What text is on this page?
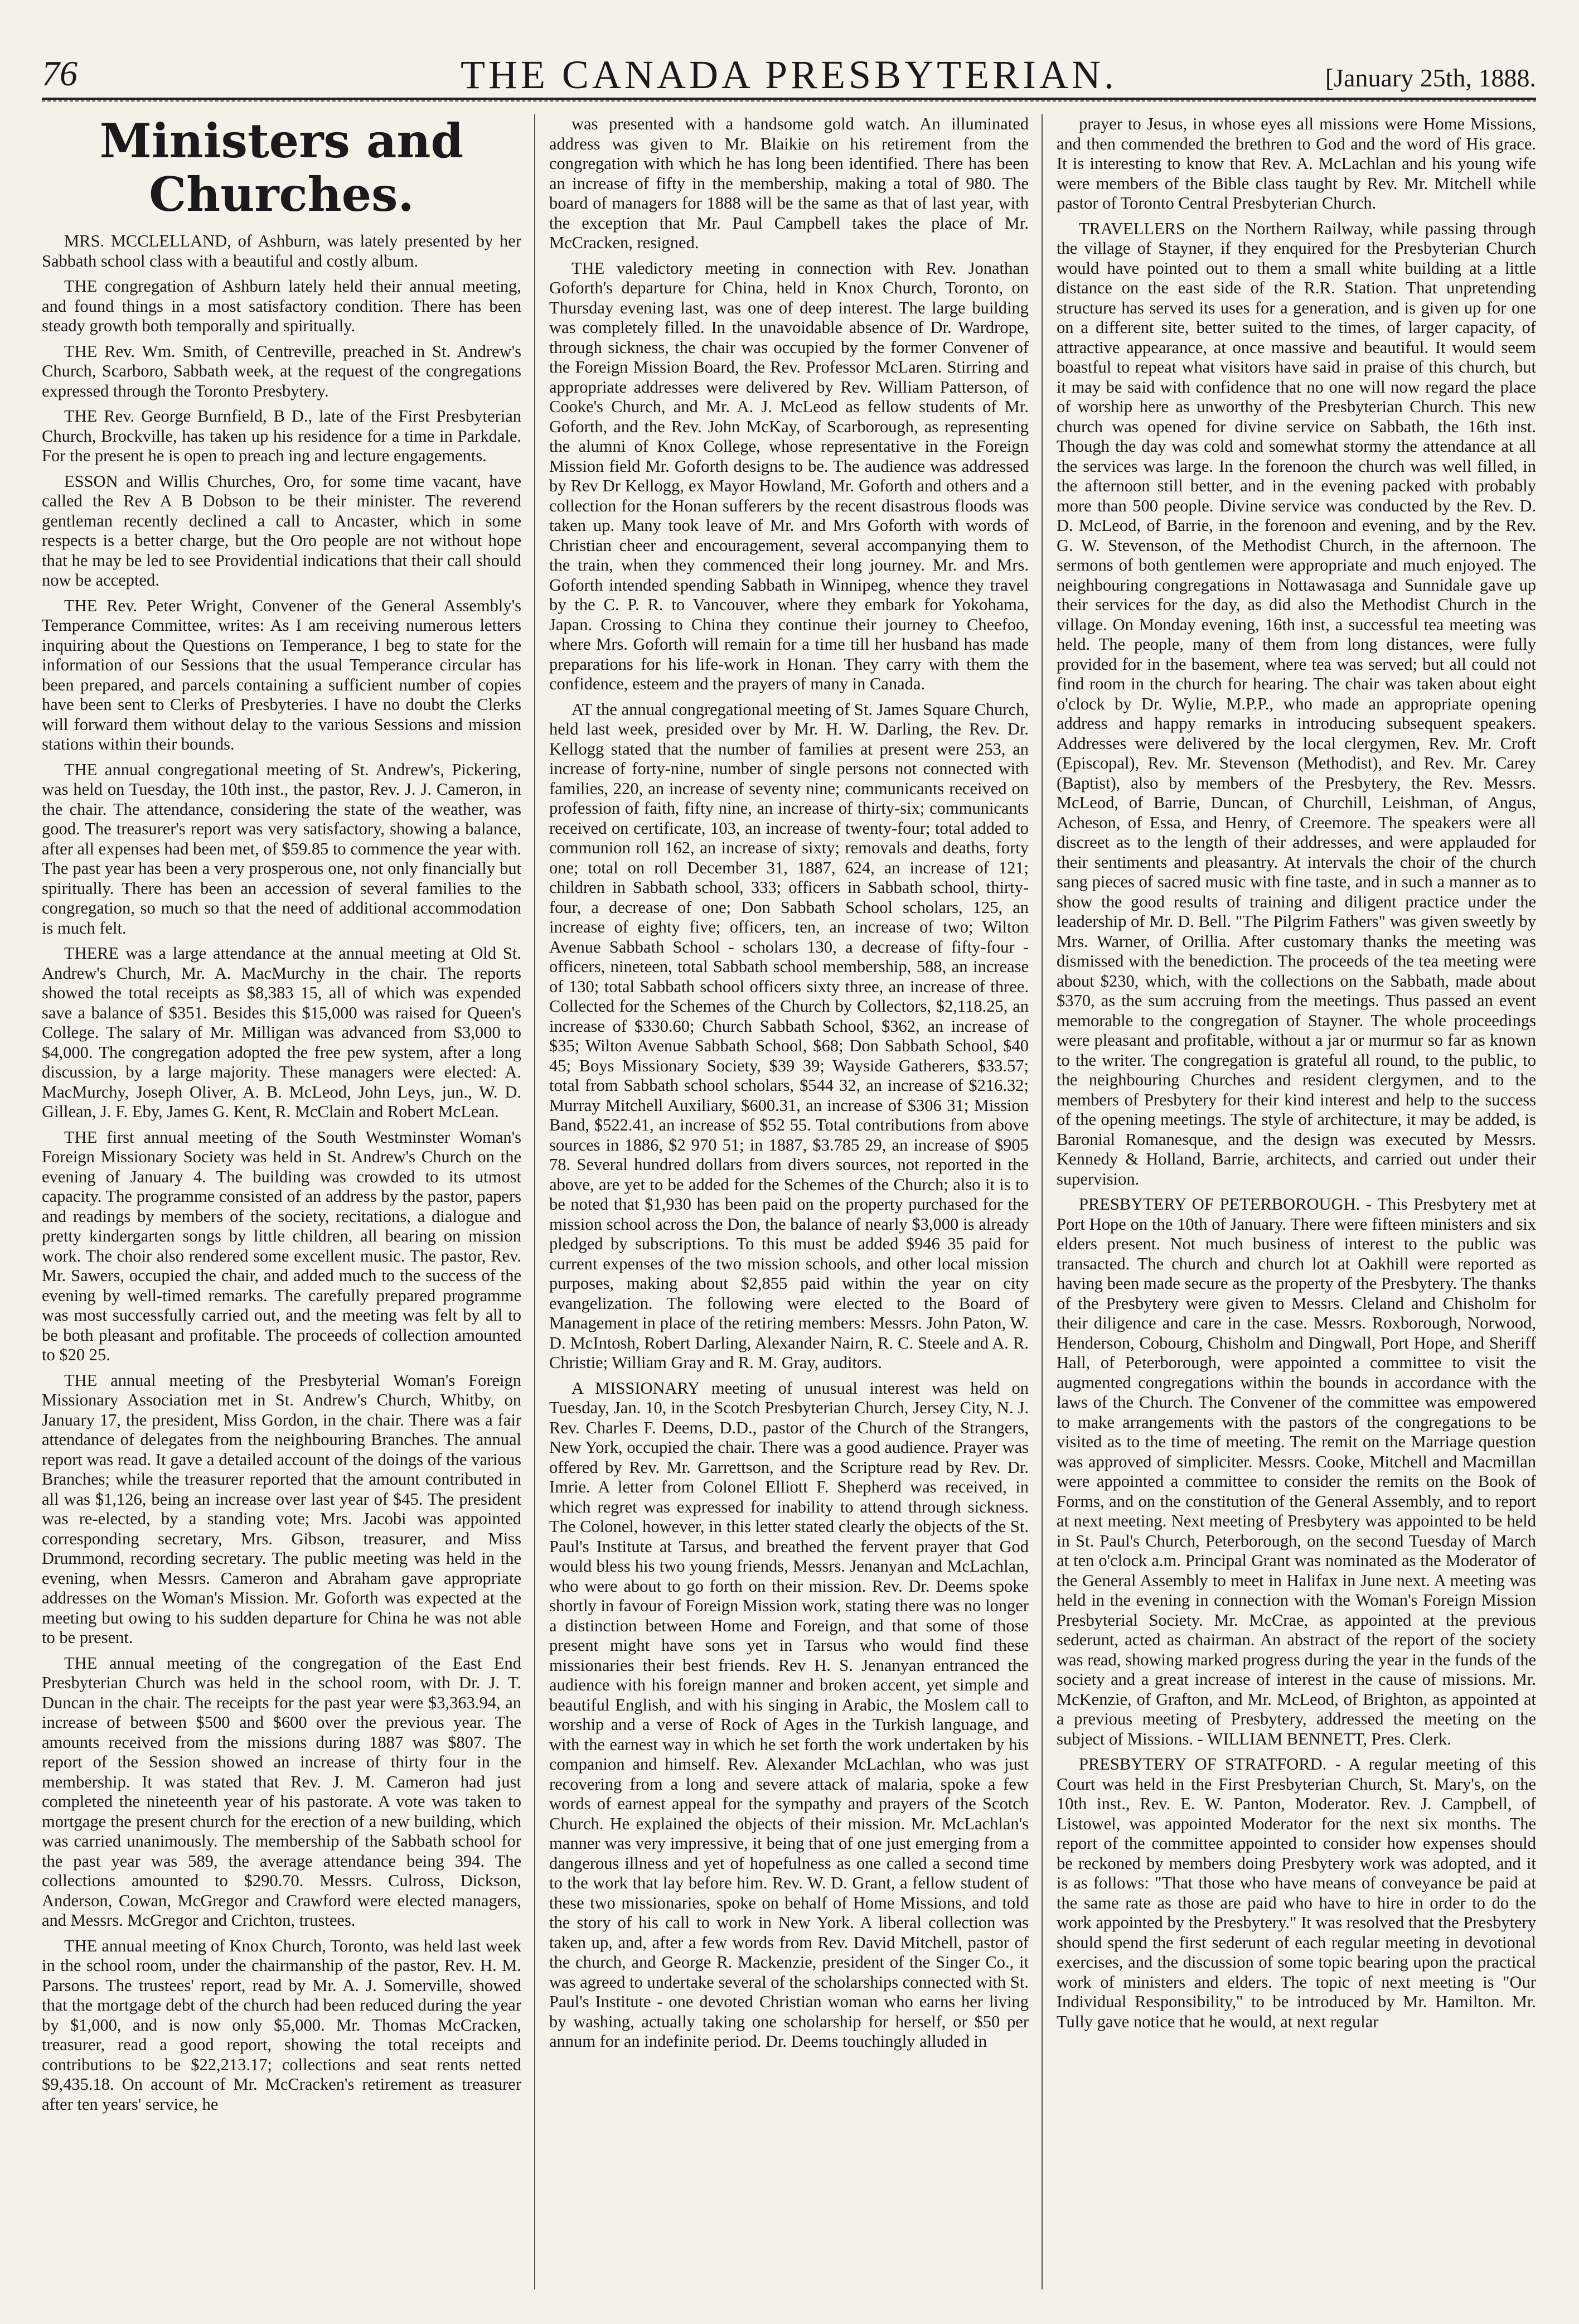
76	THE CANADA PRESBYTERIAN.	[January 25th, 1888.
Ministers and Churches.

MRS. MCCLELLAND, of Ashburn, was lately presented by her Sabbath school class with a beautiful and costly album.

THE congregation of Ashburn lately held their annual meeting, and found things in a most satisfactory condition. There has been steady growth both temporally and spiritually.

THE Rev. Wm. Smith, of Centreville, preached in St. Andrew's Church, Scarboro, Sabbath week, at the request of the congregations expressed through the Toronto Presbytery.

THE Rev. George Burnfield, B D., late of the First Presbyterian Church, Brockville, has taken up his residence for a time in Parkdale. For the present he is open to preach ing and lecture engagements.

ESSON and Willis Churches, Oro, for some time vacant, have called the Rev A B Dobson to be their minister. The reverend gentleman recently declined a call to Ancaster, which in some respects is a better charge, but the Oro people are not without hope that he may be led to see Providential indications that their call should now be accepted.

THE Rev. Peter Wright, Convener of the General Assembly's Temperance Committee, writes: As I am receiving numerous letters inquiring about the Questions on Temperance, I beg to state for the information of our Sessions that the usual Temperance circular has been prepared, and parcels containing a sufficient number of copies have been sent to Clerks of Presbyteries. I have no doubt the Clerks will forward them without delay to the various Sessions and mission stations within their bounds.

THE annual congregational meeting of St. Andrew's, Pickering, was held on Tuesday, the 10th inst., the pastor, Rev. J. J. Cameron, in the chair. The attendance, considering the state of the weather, was good. The treasurer's report was very satisfactory, showing a balance, after all expenses had been met, of $59.85 to commence the year with. The past year has been a very prosperous one, not only financially but spiritually. There has been an accession of several families to the congregation, so much so that the need of additional accommodation is much felt.

THERE was a large attendance at the annual meeting at Old St. Andrew's Church, Mr. A. MacMurchy in the chair. The reports showed the total receipts as $8,383 15, all of which was expended save a balance of $351. Besides this $15,000 was raised for Queen's College. The salary of Mr. Milligan was advanced from $3,000 to $4,000. The congregation adopted the free pew system, after a long discussion, by a large majority. These managers were elected: A. MacMurchy, Joseph Oliver, A. B. McLeod, John Leys, jun., W. D. Gillean, J. F. Eby, James G. Kent, R. McClain and Robert McLean.

THE first annual meeting of the South Westminster Woman's Foreign Missionary Society was held in St. Andrew's Church on the evening of January 4. The building was crowded to its utmost capacity. The programme consisted of an address by the pastor, papers and readings by members of the society, recitations, a dialogue and pretty kindergarten songs by little children, all bearing on mission work. The choir also rendered some excellent music. The pastor, Rev. Mr. Sawers, occupied the chair, and added much to the success of the evening by well-timed remarks. The carefully prepared programme was most successfully carried out, and the meeting was felt by all to be both pleasant and profitable. The proceeds of collection amounted to $20 25.

THE annual meeting of the Presbyterial Woman's Foreign Missionary Association met in St. Andrew's Church, Whitby, on January 17, the president, Miss Gordon, in the chair. There was a fair attendance of delegates from the neighbouring Branches. The annual report was read. It gave a detailed account of the doings of the various Branches; while the treasurer reported that the amount contributed in all was $1,126, being an increase over last year of $45. The president was re-elected, by a standing vote; Mrs. Jacobi was appointed corresponding secretary, Mrs. Gibson, treasurer, and Miss Drummond, recording secretary. The public meeting was held in the evening, when Messrs. Cameron and Abraham gave appropriate addresses on the Woman's Mission. Mr. Goforth was expected at the meeting but owing to his sudden departure for China he was not able to be present.

THE annual meeting of the congregation of the East End Presbyterian Church was held in the school room, with Dr. J. T. Duncan in the chair. The receipts for the past year were $3,363.94, an increase of between $500 and $600 over the previous year. The amounts received from the missions during 1887 was $807. The report of the Session showed an increase of thirty four in the membership. It was stated that Rev. J. M. Cameron had just completed the nineteenth year of his pastorate. A vote was taken to mortgage the present church for the erection of a new building, which was carried unanimously. The membership of the Sabbath school for the past year was 589, the average attendance being 394. The collections amounted to $290.70. Messrs. Culross, Dickson, Anderson, Cowan, McGregor and Crawford were elected managers, and Messrs. McGregor and Crichton, trustees.

THE annual meeting of Knox Church, Toronto, was held last week in the school room, under the chairmanship of the pastor, Rev. H. M. Parsons. The trustees' report, read by Mr. A. J. Somerville, showed that the mortgage debt of the church had been reduced during the year by $1,000, and is now only $5,000. Mr. Thomas McCracken, treasurer, read a good report, showing the total receipts and contributions to be $22,213.17; collections and seat rents netted $9,435.18. On account of Mr. McCracken's retirement as treasurer after ten years' service, he

was presented with a handsome gold watch. An illuminated address was given to Mr. Blaikie on his retirement from the congregation with which he has long been identified. There has been an increase of fifty in the membership, making a total of 980. The board of managers for 1888 will be the same as that of last year, with the exception that Mr. Paul Campbell takes the place of Mr. McCracken, resigned.

THE valedictory meeting in connection with Rev. Jonathan Goforth's departure for China, held in Knox Church, Toronto, on Thursday evening last, was one of deep interest. The large building was completely filled. In the unavoidable absence of Dr. Wardrope, through sickness, the chair was occupied by the former Convener of the Foreign Mission Board, the Rev. Professor McLaren. Stirring and appropriate addresses were delivered by Rev. William Patterson, of Cooke's Church, and Mr. A. J. McLeod as fellow students of Mr. Goforth, and the Rev. John McKay, of Scarborough, as representing the alumni of Knox College, whose representative in the Foreign Mission field Mr. Goforth designs to be. The audience was addressed by Rev Dr Kellogg, ex Mayor Howland, Mr. Goforth and others and a collection for the Honan sufferers by the recent disastrous floods was taken up. Many took leave of Mr. and Mrs Goforth with words of Christian cheer and encouragement, several accompanying them to the train, when they commenced their long journey. Mr. and Mrs. Goforth intended spending Sabbath in Winnipeg, whence they travel by the C. P. R. to Vancouver, where they embark for Yokohama, Japan. Crossing to China they continue their journey to Cheefoo, where Mrs. Goforth will remain for a time till her husband has made preparations for his life-work in Honan. They carry with them the confidence, esteem and the prayers of many in Canada.

AT the annual congregational meeting of St. James Square Church, held last week, presided over by Mr. H. W. Darling, the Rev. Dr. Kellogg stated that the number of families at present were 253, an increase of forty-nine, number of single persons not connected with families, 220, an increase of seventy nine; communicants received on profession of faith, fifty nine, an increase of thirty-six; communicants received on certificate, 103, an increase of twenty-four; total added to communion roll 162, an increase of sixty; removals and deaths, forty one; total on roll December 31, 1887, 624, an increase of 121; children in Sabbath school, 333; officers in Sabbath school, thirty-four, a decrease of one; Don Sabbath School scholars, 125, an increase of eighty five; officers, ten, an increase of two; Wilton Avenue Sabbath School - scholars 130, a decrease of fifty-four - officers, nineteen, total Sabbath school membership, 588, an increase of 130; total Sabbath school officers sixty three, an increase of three. Collected for the Schemes of the Church by Collectors, $2,118.25, an increase of $330.60; Church Sabbath School, $362, an increase of $35; Wilton Avenue Sabbath School, $68; Don Sabbath School, $40 45; Boys Missionary Society, $39 39; Wayside Gatherers, $33.57; total from Sabbath school scholars, $544 32, an increase of $216.32; Murray Mitchell Auxiliary, $600.31, an increase of $306 31; Mission Band, $522.41, an increase of $52 55. Total contributions from above sources in 1886, $2 970 51; in 1887, $3.785 29, an increase of $905 78. Several hundred dollars from divers sources, not reported in the above, are yet to be added for the Schemes of the Church; also it is to be noted that $1,930 has been paid on the property purchased for the mission school across the Don, the balance of nearly $3,000 is already pledged by subscriptions. To this must be added $946 35 paid for current expenses of the two mission schools, and other local mission purposes, making about $2,855 paid within the year on city evangelization. The following were elected to the Board of Management in place of the retiring members: Messrs. John Paton, W. D. McIntosh, Robert Darling, Alexander Nairn, R. C. Steele and A. R. Christie; William Gray and R. M. Gray, auditors.

A MISSIONARY meeting of unusual interest was held on Tuesday, Jan. 10, in the Scotch Presbyterian Church, Jersey City, N. J. Rev. Charles F. Deems, D.D., pastor of the Church of the Strangers, New York, occupied the chair. There was a good audience. Prayer was offered by Rev. Mr. Garrettson, and the Scripture read by Rev. Dr. Imrie. A letter from Colonel Elliott F. Shepherd was received, in which regret was expressed for inability to attend through sickness. The Colonel, however, in this letter stated clearly the objects of the St. Paul's Institute at Tarsus, and breathed the fervent prayer that God would bless his two young friends, Messrs. Jenanyan and McLachlan, who were about to go forth on their mission. Rev. Dr. Deems spoke shortly in favour of Foreign Mission work, stating there was no longer a distinction between Home and Foreign, and that some of those present might have sons yet in Tarsus who would find these missionaries their best friends. Rev H. S. Jenanyan entranced the audience with his foreign manner and broken accent, yet simple and beautiful English, and with his singing in Arabic, the Moslem call to worship and a verse of Rock of Ages in the Turkish language, and with the earnest way in which he set forth the work undertaken by his companion and himself. Rev. Alexander McLachlan, who was just recovering from a long and severe attack of malaria, spoke a few words of earnest appeal for the sympathy and prayers of the Scotch Church. He explained the objects of their mission. Mr. McLachlan's manner was very impressive, it being that of one just emerging from a dangerous illness and yet of hopefulness as one called a second time to the work that lay before him. Rev. W. D. Grant, a fellow student of these two missionaries, spoke on behalf of Home Missions, and told the story of his call to work in New York. A liberal collection was taken up, and, after a few words from Rev. David Mitchell, pastor of the church, and George R. Mackenzie, president of the Singer Co., it was agreed to undertake several of the scholarships connected with St. Paul's Institute - one devoted Christian woman who earns her living by washing, actually taking one scholarship for herself, or $50 per annum for an indefinite period. Dr. Deems touchingly alluded in

prayer to Jesus, in whose eyes all missions were Home Missions, and then commended the brethren to God and the word of His grace. It is interesting to know that Rev. A. McLachlan and his young wife were members of the Bible class taught by Rev. Mr. Mitchell while pastor of Toronto Central Presbyterian Church.

TRAVELLERS on the Northern Railway, while passing through the village of Stayner, if they enquired for the Presbyterian Church would have pointed out to them a small white building at a little distance on the east side of the R.R. Station. That unpretending structure has served its uses for a generation, and is given up for one on a different site, better suited to the times, of larger capacity, of attractive appearance, at once massive and beautiful. It would seem boastful to repeat what visitors have said in praise of this church, but it may be said with confidence that no one will now regard the place of worship here as unworthy of the Presbyterian Church. This new church was opened for divine service on Sabbath, the 16th inst. Though the day was cold and somewhat stormy the attendance at all the services was large. In the forenoon the church was well filled, in the afternoon still better, and in the evening packed with probably more than 500 people. Divine service was conducted by the Rev. D. D. McLeod, of Barrie, in the forenoon and evening, and by the Rev. G. W. Stevenson, of the Methodist Church, in the afternoon. The sermons of both gentlemen were appropriate and much enjoyed. The neighbouring congregations in Nottawasaga and Sunnidale gave up their services for the day, as did also the Methodist Church in the village. On Monday evening, 16th inst, a successful tea meeting was held. The people, many of them from long distances, were fully provided for in the basement, where tea was served; but all could not find room in the church for hearing. The chair was taken about eight o'clock by Dr. Wylie, M.P.P., who made an appropriate opening address and happy remarks in introducing subsequent speakers. Addresses were delivered by the local clergymen, Rev. Mr. Croft (Episcopal), Rev. Mr. Stevenson (Methodist), and Rev. Mr. Carey (Baptist), also by members of the Presbytery, the Rev. Messrs. McLeod, of Barrie, Duncan, of Churchill, Leishman, of Angus, Acheson, of Essa, and Henry, of Creemore. The speakers were all discreet as to the length of their addresses, and were applauded for their sentiments and pleasantry. At intervals the choir of the church sang pieces of sacred music with fine taste, and in such a manner as to show the good results of training and diligent practice under the leadership of Mr. D. Bell. "The Pilgrim Fathers" was given sweetly by Mrs. Warner, of Orillia. After customary thanks the meeting was dismissed with the benediction. The proceeds of the tea meeting were about $230, which, with the collections on the Sabbath, made about $370, as the sum accruing from the meetings. Thus passed an event memorable to the congregation of Stayner. The whole proceedings were pleasant and profitable, without a jar or murmur so far as known to the writer. The congregation is grateful all round, to the public, to the neighbouring Churches and resident clergymen, and to the members of Presbytery for their kind interest and help to the success of the opening meetings. The style of architecture, it may be added, is Baronial Romanesque, and the design was executed by Messrs. Kennedy & Holland, Barrie, architects, and carried out under their supervision.

PRESBYTERY OF PETERBOROUGH. - This Presbytery met at Port Hope on the 10th of January. There were fifteen ministers and six elders present. Not much business of interest to the public was transacted. The church and church lot at Oakhill were reported as having been made secure as the property of the Presbytery. The thanks of the Presbytery were given to Messrs. Cleland and Chisholm for their diligence and care in the case. Messrs. Roxborough, Norwood, Henderson, Cobourg, Chisholm and Dingwall, Port Hope, and Sheriff Hall, of Peterborough, were appointed a committee to visit the augmented congregations within the bounds in accordance with the laws of the Church. The Convener of the committee was empowered to make arrangements with the pastors of the congregations to be visited as to the time of meeting. The remit on the Marriage question was approved of simpliciter. Messrs. Cooke, Mitchell and Macmillan were appointed a committee to consider the remits on the Book of Forms, and on the constitution of the General Assembly, and to report at next meeting. Next meeting of Presbytery was appointed to be held in St. Paul's Church, Peterborough, on the second Tuesday of March at ten o'clock a.m. Principal Grant was nominated as the Moderator of the General Assembly to meet in Halifax in June next. A meeting was held in the evening in connection with the Woman's Foreign Mission Presbyterial Society. Mr. McCrae, as appointed at the previous sederunt, acted as chairman. An abstract of the report of the society was read, showing marked progress during the year in the funds of the society and a great increase of interest in the cause of missions. Mr. McKenzie, of Grafton, and Mr. McLeod, of Brighton, as appointed at a previous meeting of Presbytery, addressed the meeting on the subject of Missions. - WILLIAM BENNETT, Pres. Clerk.

PRESBYTERY OF STRATFORD. - A regular meeting of this Court was held in the First Presbyterian Church, St. Mary's, on the 10th inst., Rev. E. W. Panton, Moderator. Rev. J. Campbell, of Listowel, was appointed Moderator for the next six months. The report of the committee appointed to consider how expenses should be reckoned by members doing Presbytery work was adopted, and it is as follows: "That those who have means of conveyance be paid at the same rate as those are paid who have to hire in order to do the work appointed by the Presbytery." It was resolved that the Presbytery should spend the first sederunt of each regular meeting in devotional exercises, and the discussion of some topic bearing upon the practical work of ministers and elders. The topic of next meeting is "Our Individual Responsibility," to be introduced by Mr. Hamilton. Mr. Tully gave notice that he would, at next regular
